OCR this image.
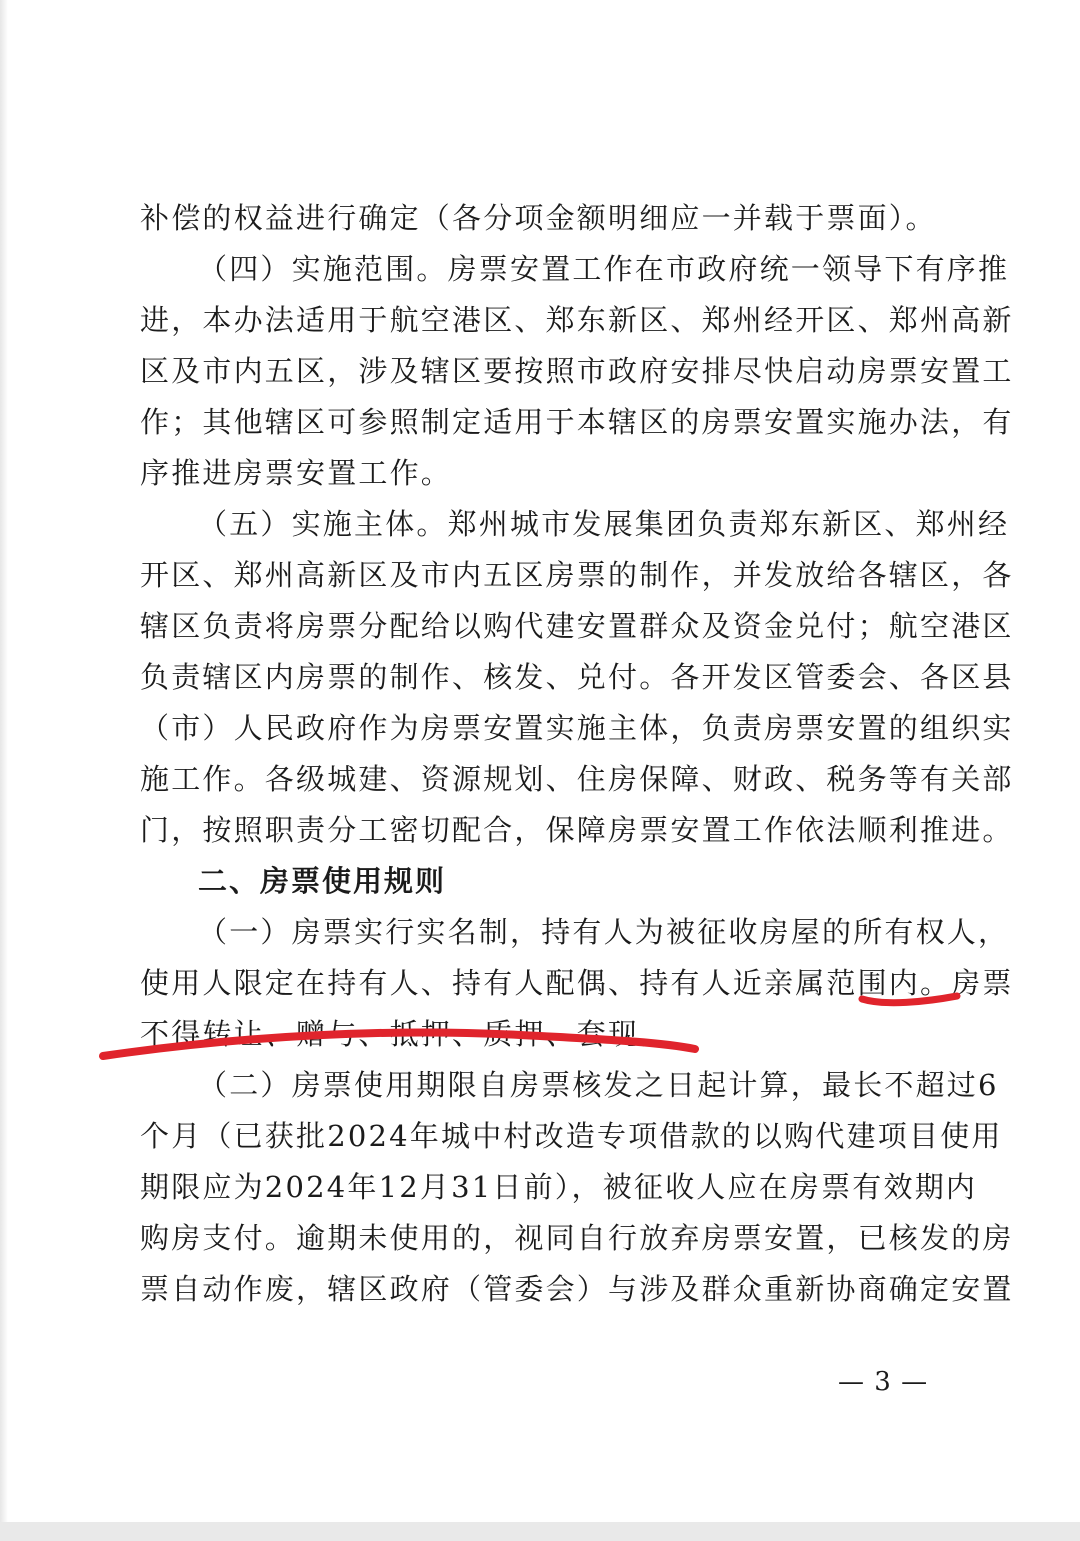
补偿的权益进行确定（各分项金额明细应一并载于票面）。
（四）实施范围。房票安置工作在市政府统一领导下有序推
进，本办法适用于航空港区、郑东新区、郑州经开区、郑州高新
区及市内五区，涉及辖区要按照市政府安排尽快启动房票安置工
作；其他辖区可参照制定适用于本辖区的房票安置实施办法，有
序推进房票安置工作。
（五）实施主体。郑州城市发展集团负责郑东新区、郑州经
开区、郑州高新区及市内五区房票的制作，并发放给各辖区，各
辖区负责将房票分配给以购代建安置群众及资金兑付；航空港区
负责辖区内房票的制作、核发、兑付。各开发区管委会、各区县
（市）人民政府作为房票安置实施主体，负责房票安置的组织实
施工作。各级城建、资源规划、住房保障、财政、税务等有关部
门，按照职责分工密切配合，保障房票安置工作依法顺利推进。
二、房票使用规则
（一）房票实行实名制，持有人为被征收房屋的所有权人，
使用人限定在持有人、持有人配偶、持有人近亲属范围内。房票
不得转让、赠与、抵押、质押、套现。
（二）房票使用期限自房票核发之日起计算，最长不超过6
个月（已获批2024年城中村改造专项借款的以购代建项目使用
期限应为2024年12月31日前），被征收人应在房票有效期内
购房支付。逾期未使用的，视同自行放弃房票安置，已核发的房
票自动作废，辖区政府（管委会）与涉及群众重新协商确定安置
— 3 —
